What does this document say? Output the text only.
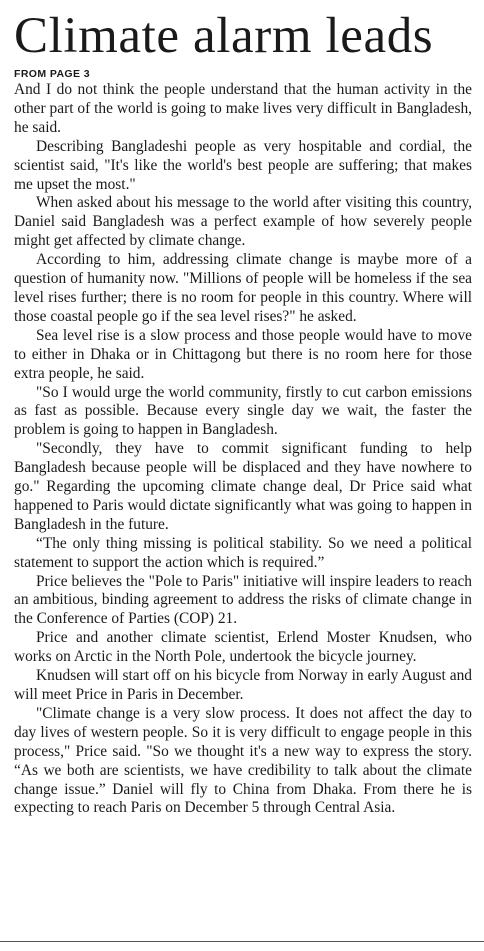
Climate alarm leads
FROM PAGE 3

And I do not think the people understand that the human activity in the other part of the world is going to make lives very difficult in Bangladesh, he said.

Describing Bangladeshi people as very hospitable and cordial, the scientist said, "It's like the world's best people are suffering; that makes me upset the most."

When asked about his message to the world after visiting this country, Daniel said Bangladesh was a perfect example of how severely people might get affected by climate change.

According to him, addressing climate change is maybe more of a question of humanity now. "Millions of people will be homeless if the sea level rises further; there is no room for people in this country. Where will those coastal people go if the sea level rises?" he asked.

Sea level rise is a slow process and those people would have to move to either in Dhaka or in Chittagong but there is no room here for those extra people, he said.

"So I would urge the world community, firstly to cut carbon emissions as fast as possible. Because every single day we wait, the faster the problem is going to happen in Bangladesh.

"Secondly, they have to commit significant funding to help Bangladesh because people will be displaced and they have nowhere to go." Regarding the upcoming climate change deal, Dr Price said what happened to Paris would dictate significantly what was going to happen in Bangladesh in the future.

“The only thing missing is political stability. So we need a political statement to support the action which is required.”

Price believes the "Pole to Paris" initiative will inspire leaders to reach an ambitious, binding agreement to address the risks of climate change in the Conference of Parties (COP) 21.

Price and another climate scientist, Erlend Moster Knudsen, who works on Arctic in the North Pole, undertook the bicycle journey.

Knudsen will start off on his bicycle from Norway in early August and will meet Price in Paris in December.

"Climate change is a very slow process. It does not affect the day to day lives of western people. So it is very difficult to engage people in this process," Price said. "So we thought it's a new way to express the story. “As we both are scientists, we have credibility to talk about the climate change issue.” Daniel will fly to China from Dhaka. From there he is expecting to reach Paris on December 5 through Central Asia.
